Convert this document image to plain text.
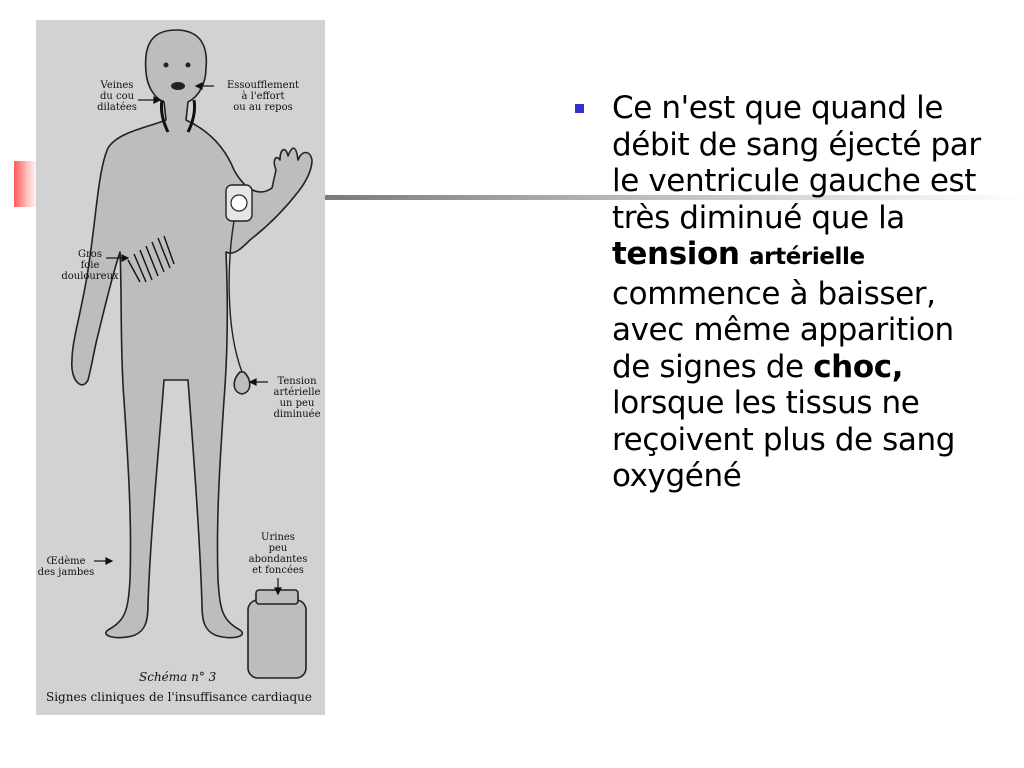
Veines
du cou
dilatées
Essoufflement
à l'effort
ou au repos
Gros
foie
douloureux
Tension
artérielle
un peu
diminuée
Urines
peu
abondantes
et foncées
Œdème
des jambes
Schéma n° 3
Signes cliniques de l'insuffisance cardiaque

Ce n'est que quand le débit de sang éjecté par le ventricule gauche est très diminué que la tension artérielle
commence à baisser, avec même apparition de signes de choc, lorsque les tissus ne reçoivent plus de sang oxygéné
